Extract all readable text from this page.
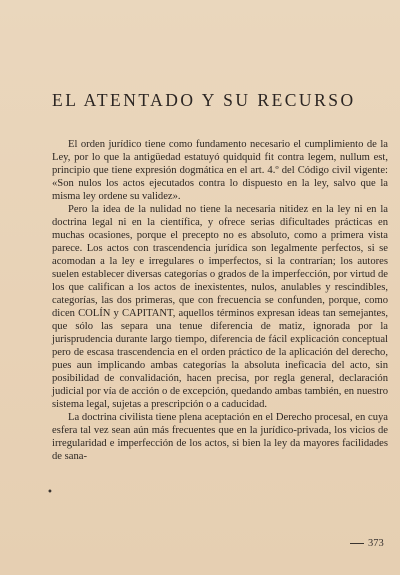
EL ATENTADO Y SU RECURSO

El orden jurídico tiene como fundamento necesario el cumplimiento de la Ley, por lo que la antigüedad estatuyó quidquid fit contra legem, nullum est, principio que tiene expresión dogmática en el art. 4.º del Código civil vigente: «Son nulos los actos ejecutados contra lo dispuesto en la ley, salvo que la misma ley ordene su validez».

Pero la idea de la nulidad no tiene la necesaria nitidez en la ley ni en la doctrina legal ni en la científica, y ofrece serias dificultades prácticas en muchas ocasiones, porque el precepto no es absoluto, como a primera vista parece. Los actos con trascendencia jurídica son legalmente perfectos, si se acomodan a la ley e irregulares o imperfectos, si la contrarían; los autores suelen establecer diversas categorías o grados de la imperfección, por virtud de los que califican a los actos de inexistentes, nulos, anulables y rescindibles, categorías, las dos primeras, que con frecuencia se confunden, porque, como dicen COLÍN y CAPITANT, aquellos términos expresan ideas tan semejantes, que sólo las separa una tenue diferencia de matiz, ignorada por la jurisprudencia durante largo tiempo, diferencia de fácil explicación conceptual pero de escasa trascendencia en el orden práctico de la aplicación del derecho, pues aun implicando ambas categorías la absoluta ineficacia del acto, sin posibilidad de convalidación, hacen precisa, por regla general, declaración judicial por vía de acción o de excepción, quedando ambas también, en nuestro sistema legal, sujetas a prescripción o a caducidad.

La doctrina civilista tiene plena aceptación en el Derecho procesal, en cuya esfera tal vez sean aún más frecuentes que en la jurídico-privada, los vicios de irregularidad e imperfección de los actos, si bien la ley da mayores facilidades de sana-

•
373
